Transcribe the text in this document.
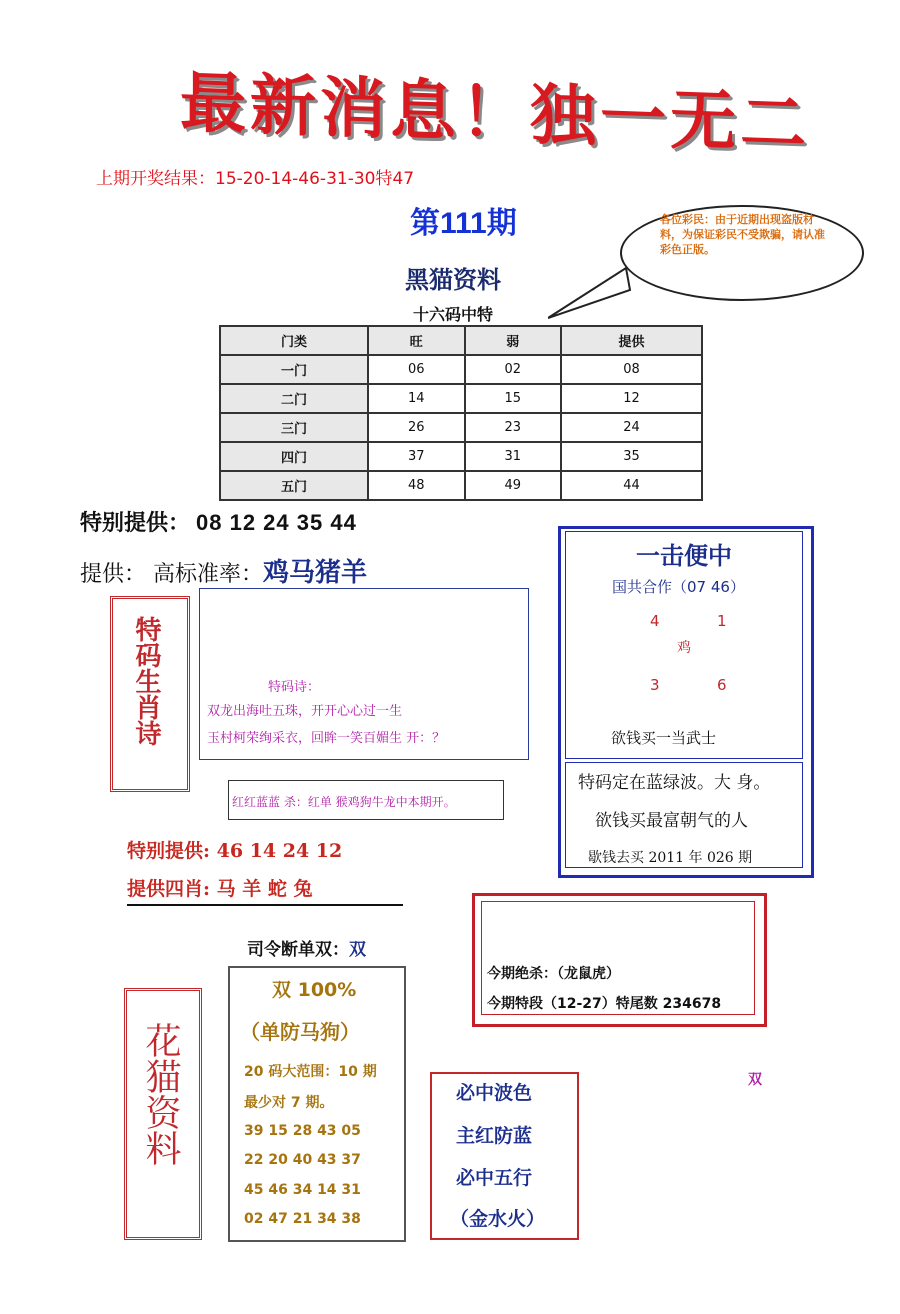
最新消息！独一无二
上期开奖结果：15-20-14-46-31-30特47
第111期	各位彩民：由于近期出现盗版材料，为保证彩民不受欺骗，请认准彩色正版。
黑猫资料
十六码中特
门类	旺	弱	提供
一门	06	02	08
二门	14	15	12
三门	26	23	24
四门	37	31	35
五门	48	49	44
特别提供： 08 12 24 35 44
提供： 高标准率：鸡马猪羊
特码生肖诗	特码诗：
双龙出海吐五珠，开开心心过一生
玉村柯荣绚采衣，回眸一笑百媚生 开：？
红红蓝蓝 杀：红单 猴鸡狗牛龙中本期开。
特别提供: 46 14 24 12
提供四肖: 马 羊 蛇 兔
司令断单双：双
一击便中
国共合作（07 46）
4	1
鸡
3	6
欲钱买一当武士
特码定在蓝绿波。大 身。
欲钱买最富朝气的人
歇钱去买 2011 年 026 期
今期绝杀：（龙鼠虎）
今期特段（12-27）特尾数 234678
花猫资料
双 100%
（单防马狗）
20 码大范围：10 期
最少对 7 期。
39 15 28 43 05
22 20 40 43 37
45 46 34 14 31
02 47 21 34 38
必中波色
主红防蓝
必中五行
（金水火）
双
